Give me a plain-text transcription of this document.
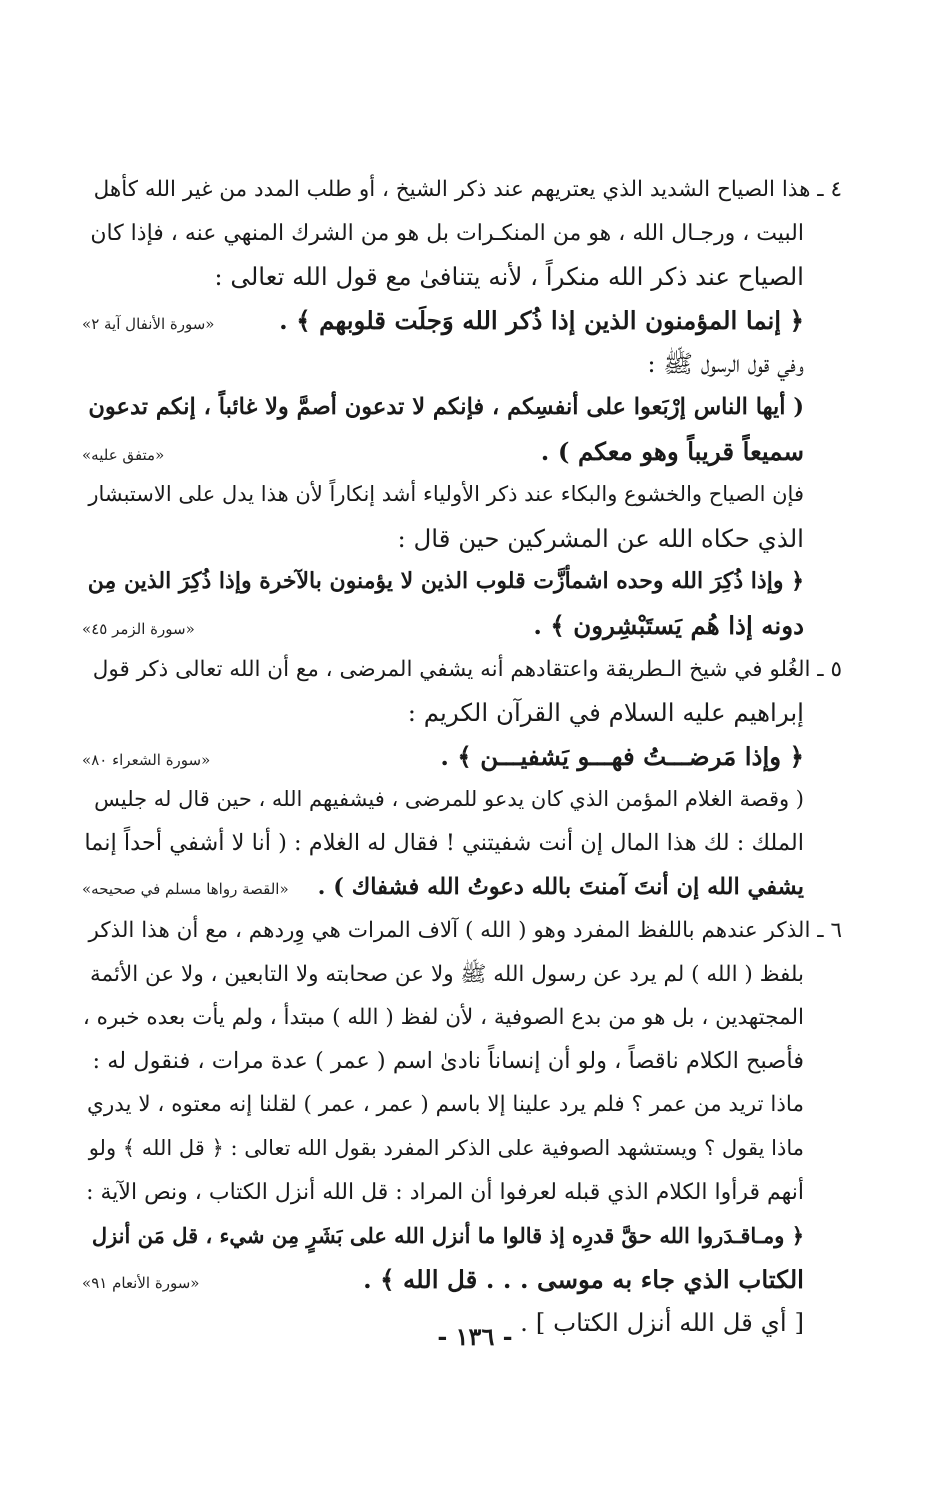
٤ ـ هذا الصياح الشديد الذي يعتريهم عند ذكر الشيخ ، أو طلب المدد من غير الله كأهل
البيت ، ورجـال الله ، هو من المنكـرات بل هو من الشرك المنهي عنه ، فإذا كان
الصياح عند ذكر الله منكراً ، لأنه يتنافىٰ مع قول الله تعالى :
﴿ إنما المؤمنون الذين إذا ذُكر الله وَجلَت قلوبهم ﴾ .
«سورة الأنفال آية ٢»
وفي قول الرسول ﷺ :
( أيها الناس إرْبَعوا على أنفسِكم ، فإنكم لا تدعون أصمَّ ولا غائباً ، إنكم تدعون
سميعاً قريباً وهو معكم ) .
«متفق عليه»
فإن الصياح والخشوع والبكاء عند ذكر الأولياء أشد إنكاراً لأن هذا يدل على الاستبشار
الذي حكاه الله عن المشركين حين قال :
﴿ وإذا ذُكِرَ الله وحده اشمأزَّت قلوب الذين لا يؤمنون بالآخرة وإذا ذُكِرَ الذين مِن
دونه إذا هُم يَستَبْشِرون ﴾ .
«سورة الزمر ٤٥»
٥ ـ الغُلو في شيخ الـطريقة واعتقادهم أنه يشفي المرضى ، مع أن الله تعالى ذكر قول
إبراهيم عليه السلام في القرآن الكريم :
﴿ وإذا مَرضـــتُ فهـــو يَشفيـــن ﴾ .
«سورة الشعراء ٨٠»
( وقصة الغلام المؤمن الذي كان يدعو للمرضى ، فيشفيهم الله ، حين قال له جليس
الملك : لك هذا المال إن أنت شفيتني ! فقال له الغلام : ( أنا لا أشفي أحداً إنما
يشفي الله إن أنتَ آمنتَ بالله دعوتُ الله فشفاك ) .
«القصة رواها مسلم في صحيحه»
٦ ـ الذكر عندهم باللفظ المفرد وهو ( الله ) آلاف المرات هي وِردهم ، مع أن هذا الذكر
بلفظ ( الله ) لم يرد عن رسول الله ﷺ ولا عن صحابته ولا التابعين ، ولا عن الأئمة
المجتهدين ، بل هو من بدع الصوفية ، لأن لفظ ( الله ) مبتدأ ، ولم يأت بعده خبره ،
فأصبح الكلام ناقصاً ، ولو أن إنساناً نادىٰ اسم ( عمر ) عدة مرات ، فنقول له :
ماذا تريد من عمر ؟ فلم يرد علينا إلا باسم ( عمر ، عمر ) لقلنا إنه معتوه ، لا يدري
ماذا يقول ؟ ويستشهد الصوفية على الذكر المفرد بقول الله تعالى : ﴿ قل الله ﴾ ولو
أنهم قرأوا الكلام الذي قبله لعرفوا أن المراد : قل الله أنزل الكتاب ، ونص الآية :
﴿ ومـاقـدَروا الله حقَّ قدرِه إذ قالوا ما أنزل الله على بَشَرٍ مِن شيء ، قل مَن أنزل
الكتاب الذي جاء به موسى . . . قل الله ﴾ .
«سورة الأنعام ٩١»
[ أي قل الله أنزل الكتاب ] .
- ١٣٦ -
